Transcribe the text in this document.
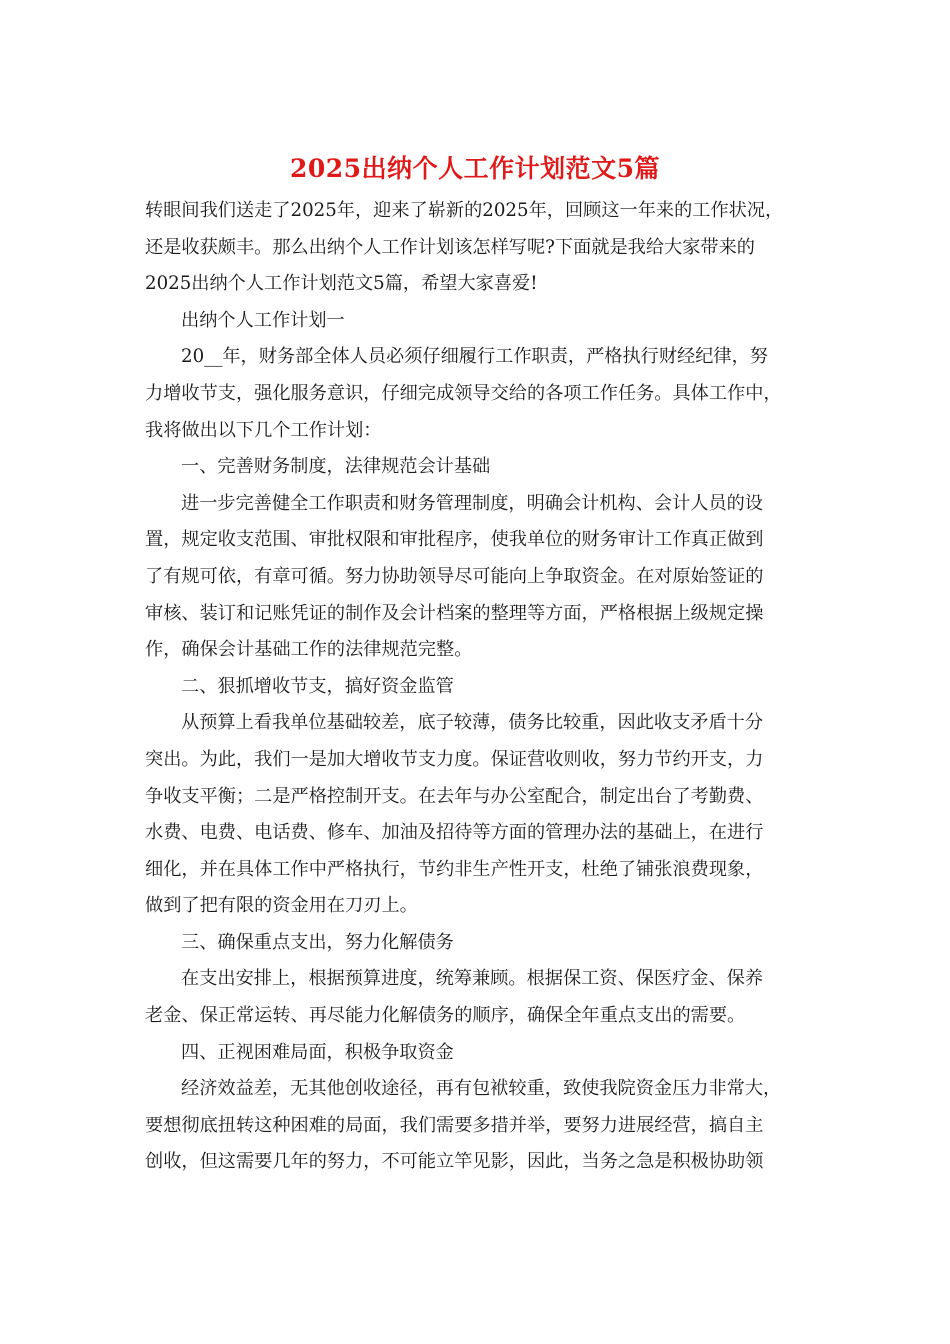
2025出纳个人工作计划范文5篇

转眼间我们送走了2025年，迎来了崭新的2025年，回顾这一年来的工作状况，
还是收获颇丰。那么出纳个人工作计划该怎样写呢?下面就是我给大家带来的
2025出纳个人工作计划范文5篇，希望大家喜爱!

出纳个人工作计划一

20__年，财务部全体人员必须仔细履行工作职责，严格执行财经纪律，努
力增收节支，强化服务意识，仔细完成领导交给的各项工作任务。具体工作中，
我将做出以下几个工作计划：

一、完善财务制度，法律规范会计基础

进一步完善健全工作职责和财务管理制度，明确会计机构、会计人员的设
置，规定收支范围、审批权限和审批程序，使我单位的财务审计工作真正做到
了有规可依，有章可循。努力协助领导尽可能向上争取资金。在对原始签证的
审核、装订和记账凭证的制作及会计档案的整理等方面，严格根据上级规定操
作，确保会计基础工作的法律规范完整。

二、狠抓增收节支，搞好资金监管

从预算上看我单位基础较差，底子较薄，债务比较重，因此收支矛盾十分
突出。为此，我们一是加大增收节支力度。保证营收则收，努力节约开支，力
争收支平衡；二是严格控制开支。在去年与办公室配合，制定出台了考勤费、
水费、电费、电话费、修车、加油及招待等方面的管理办法的基础上，在进行
细化，并在具体工作中严格执行，节约非生产性开支，杜绝了铺张浪费现象，
做到了把有限的资金用在刀刃上。

三、确保重点支出，努力化解债务

在支出安排上，根据预算进度，统筹兼顾。根据保工资、保医疗金、保养
老金、保正常运转、再尽能力化解债务的顺序，确保全年重点支出的需要。

四、正视困难局面，积极争取资金

经济效益差，无其他创收途径，再有包袱较重，致使我院资金压力非常大，
要想彻底扭转这种困难的局面，我们需要多措并举，要努力进展经营，搞自主
创收，但这需要几年的努力，不可能立竿见影，因此，当务之急是积极协助领
